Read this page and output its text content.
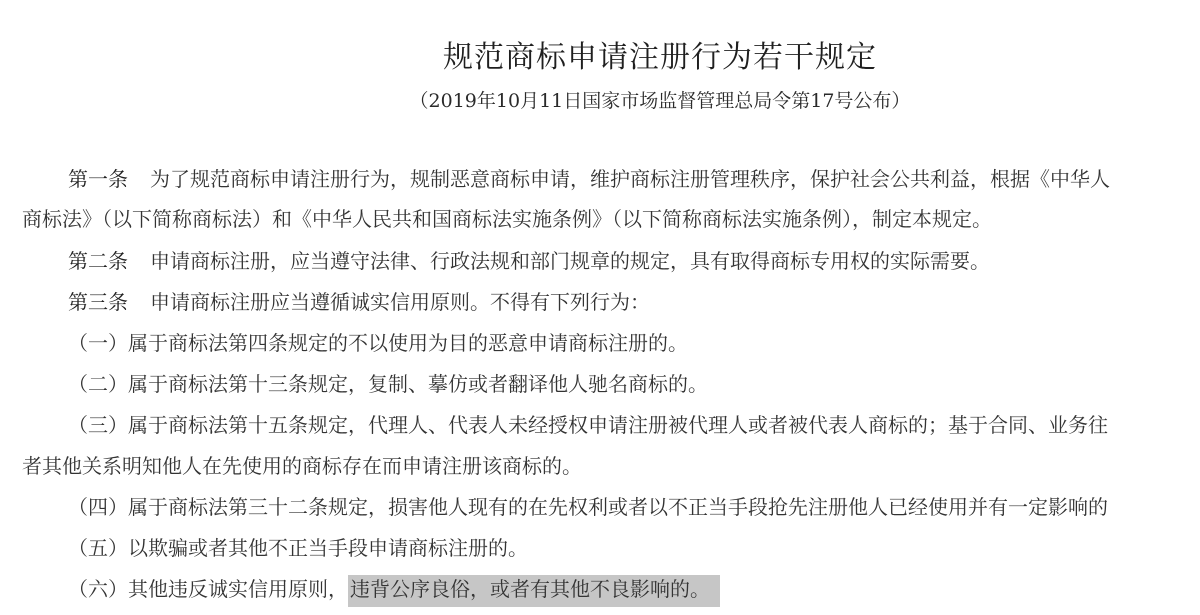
规范商标申请注册行为若干规定
（2019年10月11日国家市场监督管理总局令第17号公布）
第一条 为了规范商标申请注册行为，规制恶意商标申请，维护商标注册管理秩序，保护社会公共利益，根据《中华人
商标法》（以下简称商标法）和《中华人民共和国商标法实施条例》（以下简称商标法实施条例），制定本规定。
第二条 申请商标注册，应当遵守法律、行政法规和部门规章的规定，具有取得商标专用权的实际需要。
第三条 申请商标注册应当遵循诚实信用原则。不得有下列行为：
（一）属于商标法第四条规定的不以使用为目的恶意申请商标注册的。
（二）属于商标法第十三条规定，复制、摹仿或者翻译他人驰名商标的。
（三）属于商标法第十五条规定，代理人、代表人未经授权申请注册被代理人或者被代表人商标的；基于合同、业务往
者其他关系明知他人在先使用的商标存在而申请注册该商标的。
（四）属于商标法第三十二条规定，损害他人现有的在先权利或者以不正当手段抢先注册他人已经使用并有一定影响的
（五）以欺骗或者其他不正当手段申请商标注册的。
（六）其他违反诚实信用原则， 违背公序良俗，或者有其他不良影响的。
